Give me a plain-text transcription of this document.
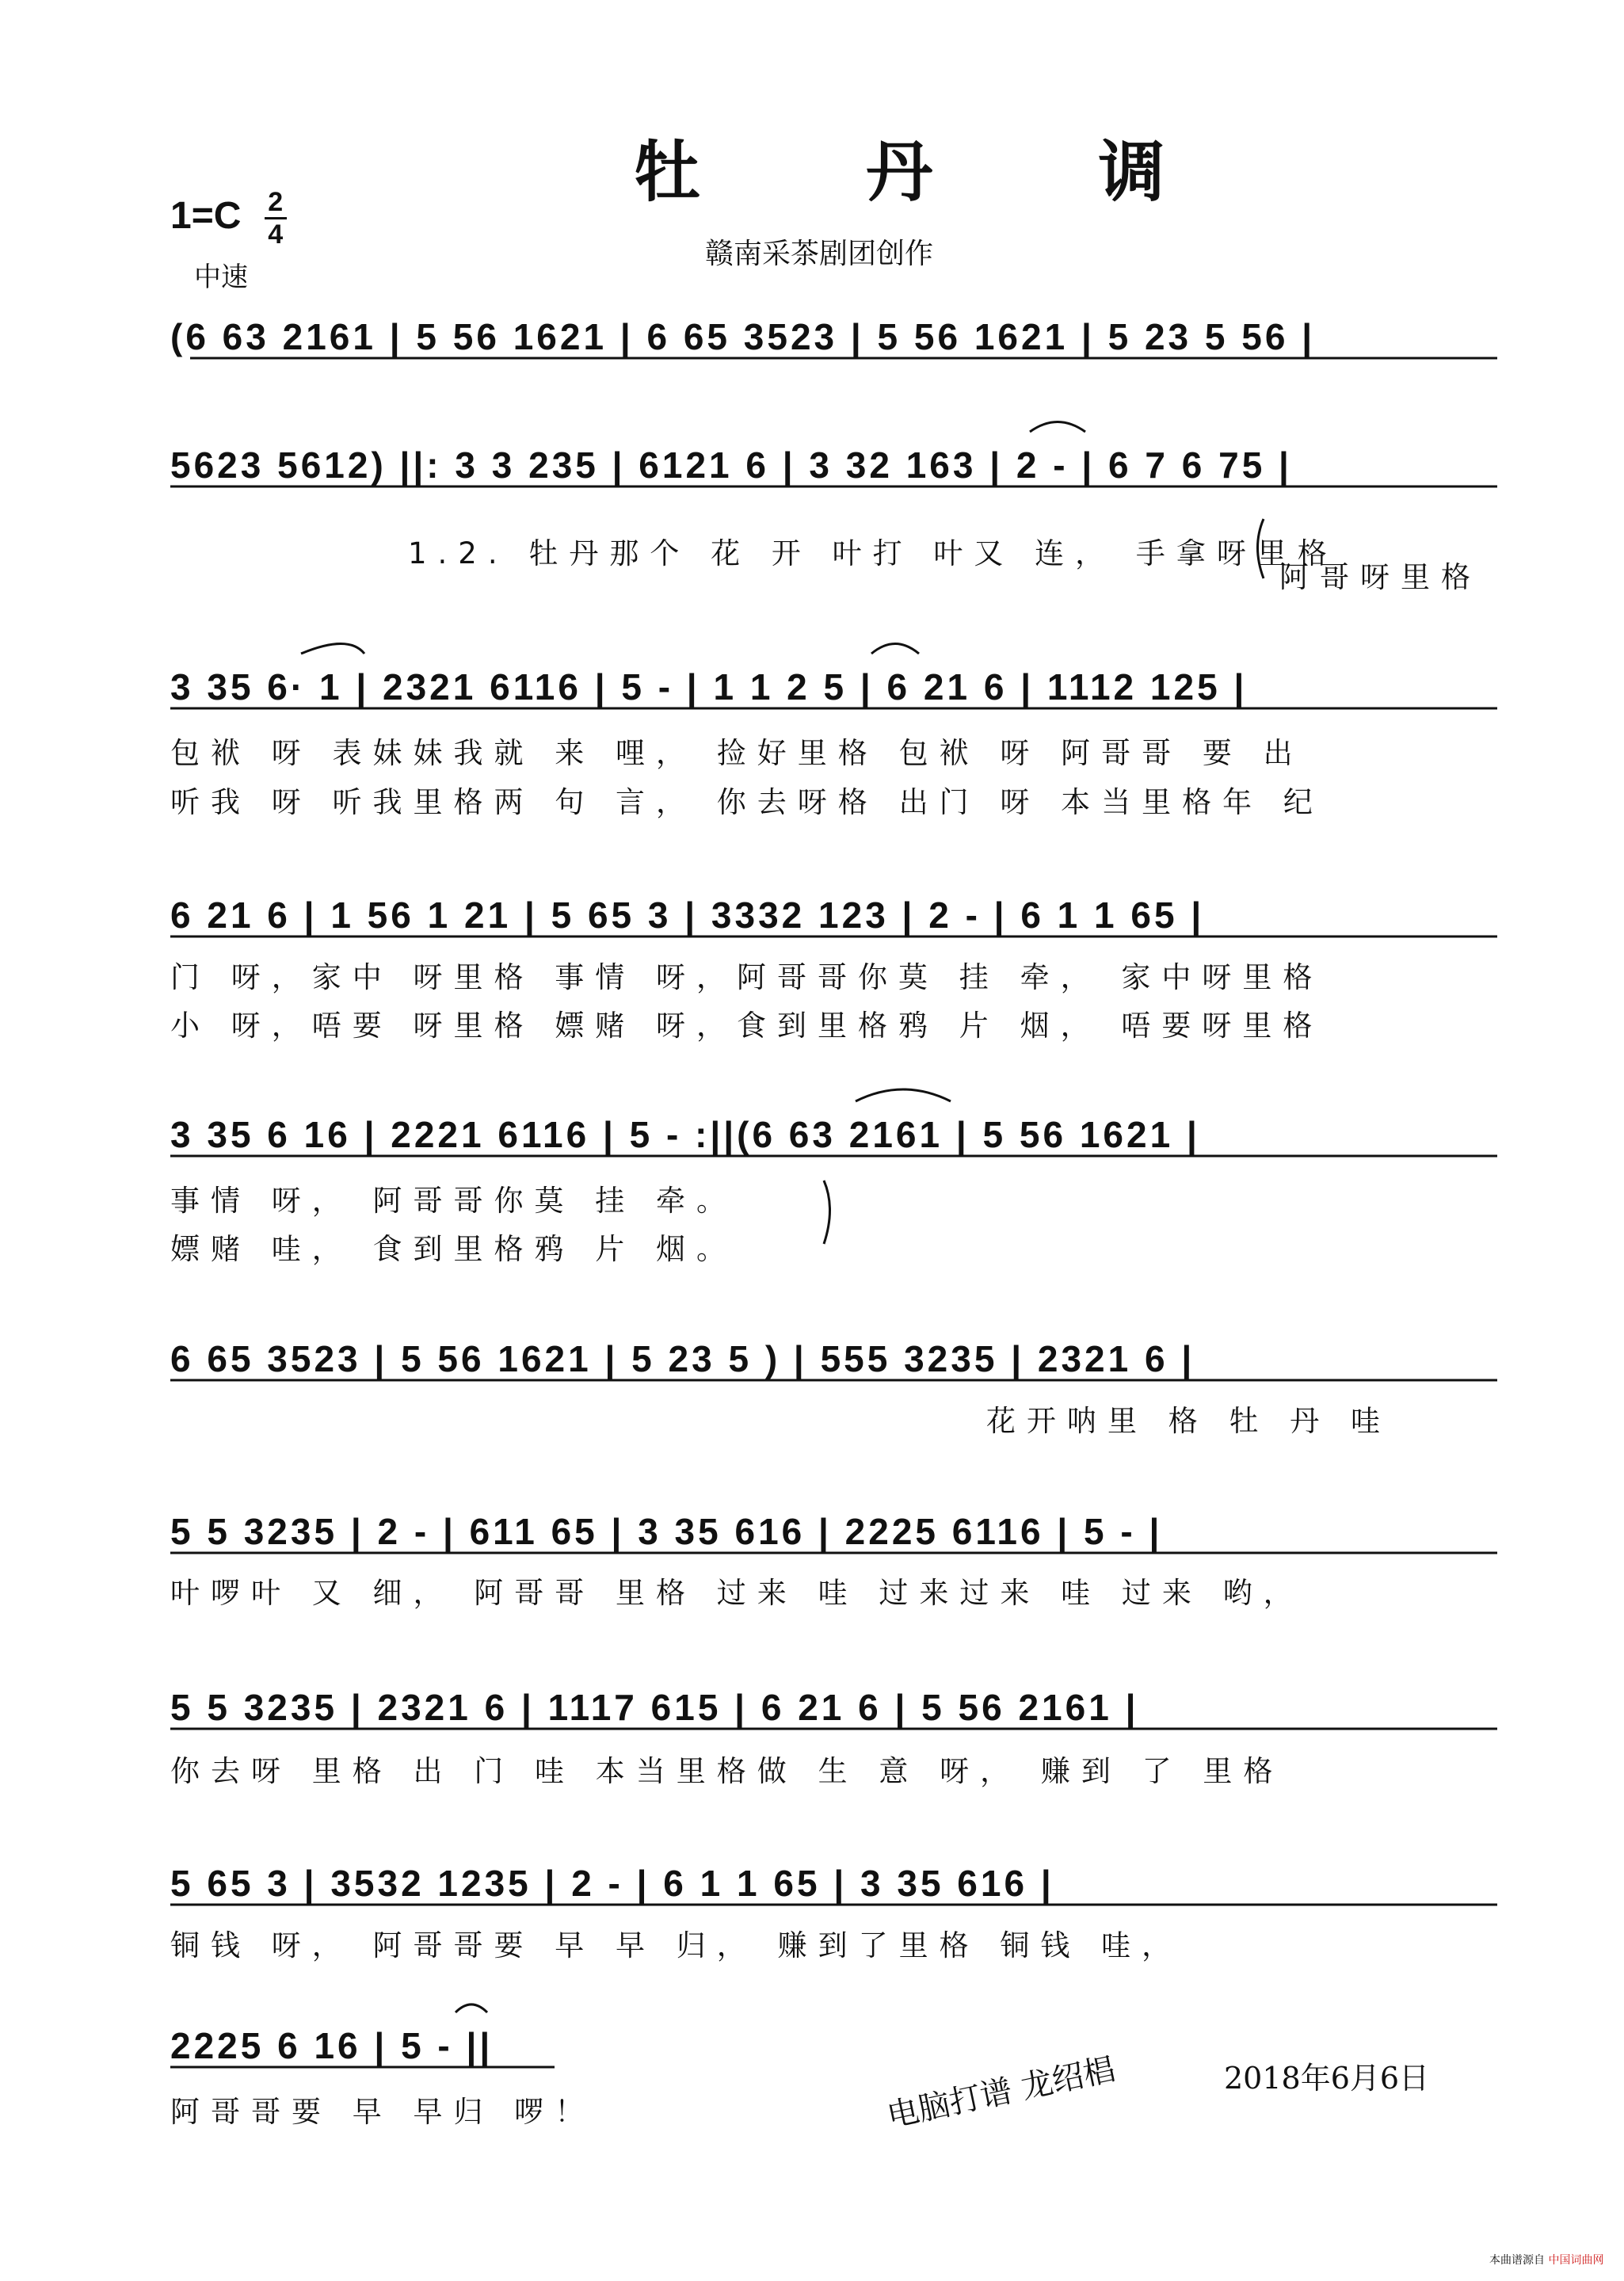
牡 丹 调
$1=C \frac{2}{4}$
中速
赣南采茶剧团创作
(6 63 2161 | 5 56 1621 | 6 65 3523 | 5 56 1621 | 5 23 5 56 |
5623 5612) ||: 3 3 235 | 6121 6 | 3 32 163 | 2 - | 6 7 6 75 |
1.2. 牡丹那个 花 开 叶打 叶又 连， 手拿呀里格
阿哥呀里格
3 35 6· 1 | 2321 6116 | 5 - | 1 1 2 5 | 6 21 6 | 1112 125 |
包袱 呀 表妹妹我就 来 哩， 捡好里格 包袱 呀 阿哥哥 要 出
听我 呀 听我里格两 句 言， 你去呀格 出门 呀 本当里格年 纪
6 21 6 | 1 56 1 21 | 5 65 3 | 3332 123 | 2 - | 6 1 1 65 |
门 呀，家中 呀里格 事情 呀，阿哥哥你莫 挂 牵， 家中呀里格
小 呀，唔要 呀里格 嫖赌 呀，食到里格鸦 片 烟， 唔要呀里格
3 35 6 16 | 2221 6116 | 5 - :||(6 63 2161 | 5 56 1621 |
事情 呀， 阿哥哥你莫 挂 牵。
嫖赌 哇， 食到里格鸦 片 烟。
6 65 3523 | 5 56 1621 | 5 23 5 ) | 555 3235 | 2321 6 |
花开呐里 格 牡 丹 哇
5 5 3235 | 2 - | 611 65 | 3 35 616 | 2225 6116 | 5 - |
叶啰叶 又 细， 阿哥哥 里格 过来 哇 过来过来 哇 过来 哟，
5 5 3235 | 2321 6 | 1117 615 | 6 21 6 | 5 56 2161 |
你去呀 里格 出 门 哇 本当里格做 生 意 呀， 赚到 了 里格
5 65 3 | 3532 1235 | 2 - | 6 1 1 65 | 3 35 616 |
铜钱 呀， 阿哥哥要 早 早 归， 赚到了里格 铜钱 哇，
2225 6 16 | 5 - ||
阿哥哥要 早 早归 啰！	电脑打谱 龙绍椙	2018年6月6日
本曲谱源自 中国词曲网
